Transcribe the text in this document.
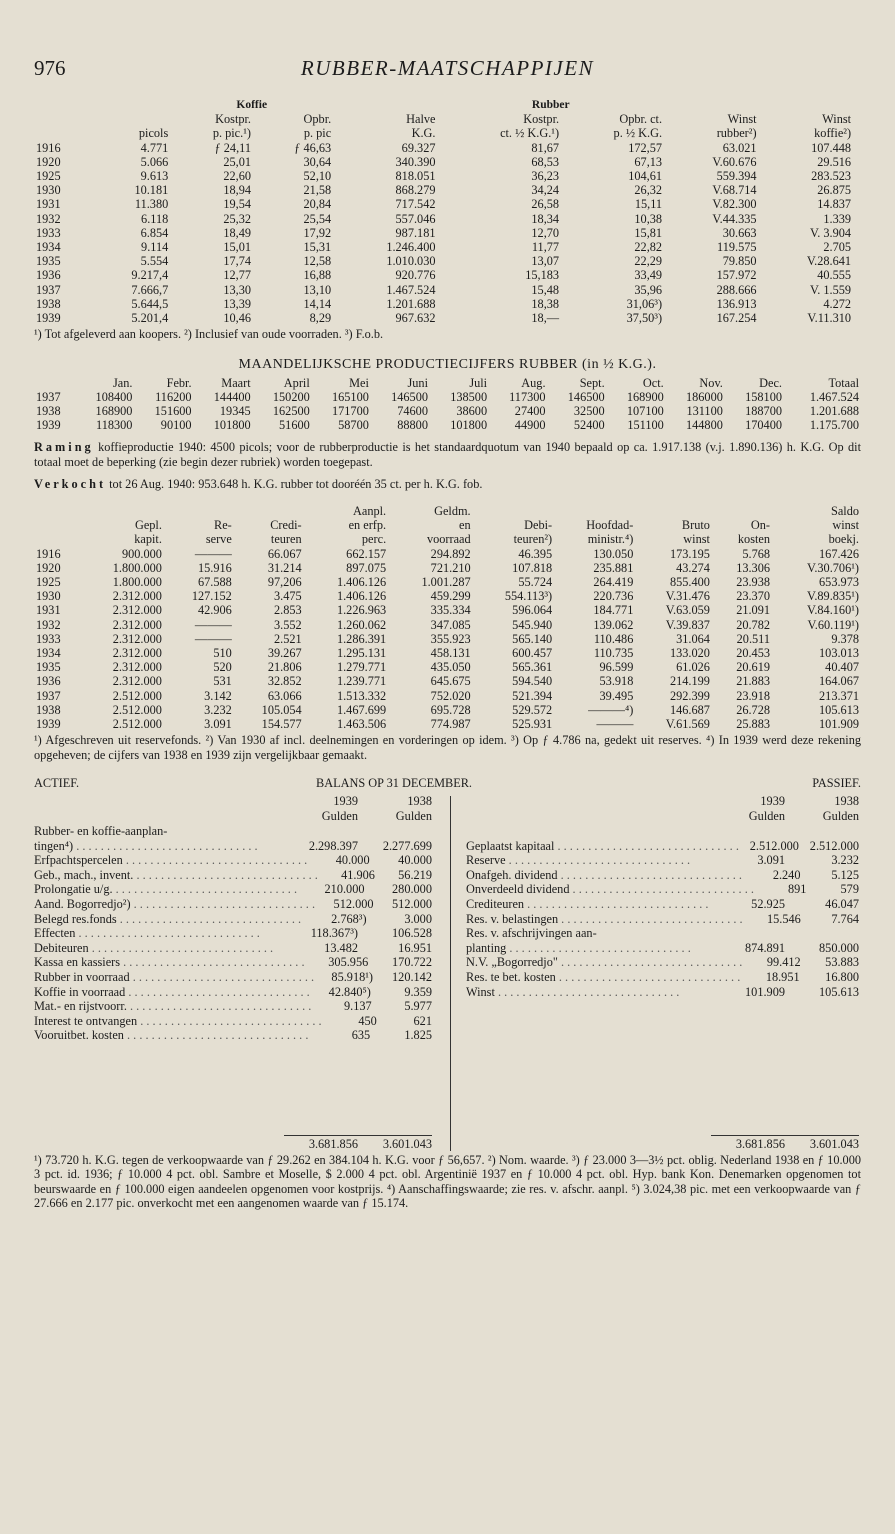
976	RUBBER-MAATSCHAPPIJEN
		Koffie			Rubber				
		Kostpr.	Opbr.	Halve	Kostpr.	Opbr. ct.	Winst	Winst	
	picols	p. pic.¹)	p. pic	K.G.	ct. ½ K.G.¹)	p. ½ K.G.	rubber²)	koffie²)	
1916	4.771	ƒ 24,11	ƒ 46,63	69.327	81,67	172,57	63.021	107.448	
1920	5.066	25,01	30,64	340.390	68,53	67,13	V.60.676	29.516	
1925	9.613	22,60	52,10	818.051	36,23	104,61	559.394	283.523	
1930	10.181	18,94	21,58	868.279	34,24	26,32	V.68.714	26.875	
1931	11.380	19,54	20,84	717.542	26,58	15,11	V.82.300	14.837	
1932	6.118	25,32	25,54	557.046	18,34	10,38	V.44.335	1.339	
1933	6.854	18,49	17,92	987.181	12,70	15,81	30.663	V. 3.904	
1934	9.114	15,01	15,31	1.246.400	11,77	22,82	119.575	2.705	
1935	5.554	17,74	12,58	1.010.030	13,07	22,29	79.850	V.28.641	
1936	9.217,4	12,77	16,88	920.776	15,183	33,49	157.972	40.555	
1937	7.666,7	13,30	13,10	1.467.524	15,48	35,96	288.666	V. 1.559	
1938	5.644,5	13,39	14,14	1.201.688	18,38	31,06³)	136.913	4.272	
1939	5.201,4	10,46	8,29	967.632	18,—	37,50³)	167.254	V.11.310	

¹) Tot afgeleverd aan koopers. ²) Inclusief van oude voorraden. ³) F.o.b.

MAANDELIJKSCHE PRODUCTIECIJFERS RUBBER (in ½ K.G.).
	Jan.	Febr.	Maart	April	Mei	Juni	Juli	Aug.	Sept.	Oct.	Nov.	Dec.	Totaal
1937	108400	116200	144400	150200	165100	146500	138500	117300	146500	168900	186000	158100	1.467.524
1938	168900	151600	19345	162500	171700	74600	38600	27400	32500	107100	131100	188700	1.201.688
1939	118300	90100	101800	51600	58700	88800	101800	44900	52400	151100	144800	170400	1.175.700

Raming koffieproductie 1940: 4500 picols; voor de rubberproductie is het standaardquotum van 1940 bepaald op ca. 1.917.138 (v.j. 1.890.136) h. K.G. Op dit totaal moet de beperking (zie begin dezer rubriek) worden toegepast.

Verkocht tot 26 Aug. 1940: 953.648 h. K.G. rubber tot dooréén 35 ct. per h. K.G. fob.

				Aanpl.	Geldm.					Saldo
	Gepl.	Re-	Credi-	en erfp.	en	Debi-	Hoofdad-	Bruto	On-	winst
	kapit.	serve	teuren	perc.	voorraad	teuren²)	ministr.⁴)	winst	kosten	boekj.
1916	900.000	———	66.067	662.157	294.892	46.395	130.050	173.195	5.768	167.426
1920	1.800.000	15.916	31.214	897.075	721.210	107.818	235.881	43.274	13.306	V.30.706¹)
1925	1.800.000	67.588	97,206	1.406.126	1.001.287	55.724	264.419	855.400	23.938	653.973
1930	2.312.000	127.152	3.475	1.406.126	459.299	554.113³)	220.736	V.31.476	23.370	V.89.835¹)
1931	2.312.000	42.906	2.853	1.226.963	335.334	596.064	184.771	V.63.059	21.091	V.84.160¹)
1932	2.312.000	———	3.552	1.260.062	347.085	545.940	139.062	V.39.837	20.782	V.60.119¹)
1933	2.312.000	———	2.521	1.286.391	355.923	565.140	110.486	31.064	20.511	9.378
1934	2.312.000	510	39.267	1.295.131	458.131	600.457	110.735	133.020	20.453	103.013
1935	2.312.000	520	21.806	1.279.771	435.050	565.361	96.599	61.026	20.619	40.407
1936	2.312.000	531	32.852	1.239.771	645.675	594.540	53.918	214.199	21.883	164.067
1937	2.512.000	3.142	63.066	1.513.332	752.020	521.394	39.495	292.399	23.918	213.371
1938	2.512.000	3.232	105.054	1.467.699	695.728	529.572	———⁴)	146.687	26.728	105.613
1939	2.512.000	3.091	154.577	1.463.506	774.987	525.931	———	V.61.569	25.883	101.909

¹) Afgeschreven uit reservefonds. ²) Van 1930 af incl. deelnemingen en vorderingen op idem. ³) Op ƒ 4.786 na, gedekt uit reserves. ⁴) In 1939 werd deze rekening opgeheven; de cijfers van 1938 en 1939 zijn vergelijkbaar gemaakt.

ACTIEF.	BALANS OP 31 DECEMBER.	PASSIEF.
1939	1938
Gulden	Gulden
Rubber- en koffie-aanplan-
tingen⁴) . . . . . . . . . . . . . . . . . . . . . . . . . . . . . .	2.298.397	2.277.699
Erfpachtspercelen . . . . . . . . . . . . . . . . . . . . . . . . . . . . . .	40.000	40.000
Geb., mach., invent. . . . . . . . . . . . . . . . . . . . . . . . . . . . . . .	41.906	56.219
Prolongatie u/g. . . . . . . . . . . . . . . . . . . . . . . . . . . . . . .	210.000	280.000
Aand. Bogorredjo²) . . . . . . . . . . . . . . . . . . . . . . . . . . . . . .	512.000	512.000
Belegd res.fonds . . . . . . . . . . . . . . . . . . . . . . . . . . . . . .	2.768³)	3.000
Effecten . . . . . . . . . . . . . . . . . . . . . . . . . . . . . .	118.367³)	106.528
Debiteuren . . . . . . . . . . . . . . . . . . . . . . . . . . . . . .	13.482	16.951
Kassa en kassiers . . . . . . . . . . . . . . . . . . . . . . . . . . . . . .	305.956	170.722
Rubber in voorraad . . . . . . . . . . . . . . . . . . . . . . . . . . . . . .	85.918¹)	120.142
Koffie in voorraad . . . . . . . . . . . . . . . . . . . . . . . . . . . . . .	42.840⁵)	9.359
Mat.- en rijstvoorr. . . . . . . . . . . . . . . . . . . . . . . . . . . . . . .	9.137	5.977
Interest te ontvangen . . . . . . . . . . . . . . . . . . . . . . . . . . . . . .	450	621
Vooruitbet. kosten . . . . . . . . . . . . . . . . . . . . . . . . . . . . . .	635	1.825
1939	1938
Gulden	Gulden
Geplaatst kapitaal . . . . . . . . . . . . . . . . . . . . . . . . . . . . . . 2.512.000 2.512.000
Reserve . . . . . . . . . . . . . . . . . . . . . . . . . . . . . .	3.091	3.232
Onafgeh. dividend . . . . . . . . . . . . . . . . . . . . . . . . . . . . . .	2.240	5.125
Onverdeeld dividend . . . . . . . . . . . . . . . . . . . . . . . . . . . . . .	891	579
Crediteuren . . . . . . . . . . . . . . . . . . . . . . . . . . . . . .	52.925	46.047
Res. v. belastingen . . . . . . . . . . . . . . . . . . . . . . . . . . . . . .	15.546	7.764
Res. v. afschrijvingen aan-
planting . . . . . . . . . . . . . . . . . . . . . . . . . . . . . .	874.891	850.000
N.V. „Bogorredjo" . . . . . . . . . . . . . . . . . . . . . . . . . . . . . .	99.412	53.883
Res. te bet. kosten . . . . . . . . . . . . . . . . . . . . . . . . . . . . . .	18.951	16.800
Winst . . . . . . . . . . . . . . . . . . . . . . . . . . . . . .	101.909	105.613
3.681.856	3.601.043	3.681.856	3.601.043

¹) 73.720 h. K.G. tegen de verkoopwaarde van ƒ 29.262 en 384.104 h. K.G. voor ƒ 56,657. ²) Nom. waarde. ³) ƒ 23.000 3—3½ pct. oblig. Nederland 1938 en ƒ 10.000 3 pct. id. 1936; ƒ 10.000 4 pct. obl. Sambre et Moselle, $ 2.000 4 pct. obl. Argentinië 1937 en ƒ 10.000 4 pct. obl. Hyp. bank Kon. Denemarken opgenomen tot beurswaarde en ƒ 100.000 eigen aandeelen opgenomen voor kostprijs. ⁴) Aanschaffingswaarde; zie res. v. afschr. aanpl. ⁵) 3.024,38 pic. met een verkoopwaarde van ƒ 27.666 en 2.177 pic. onverkocht met een aangenomen waarde van ƒ 15.174.
